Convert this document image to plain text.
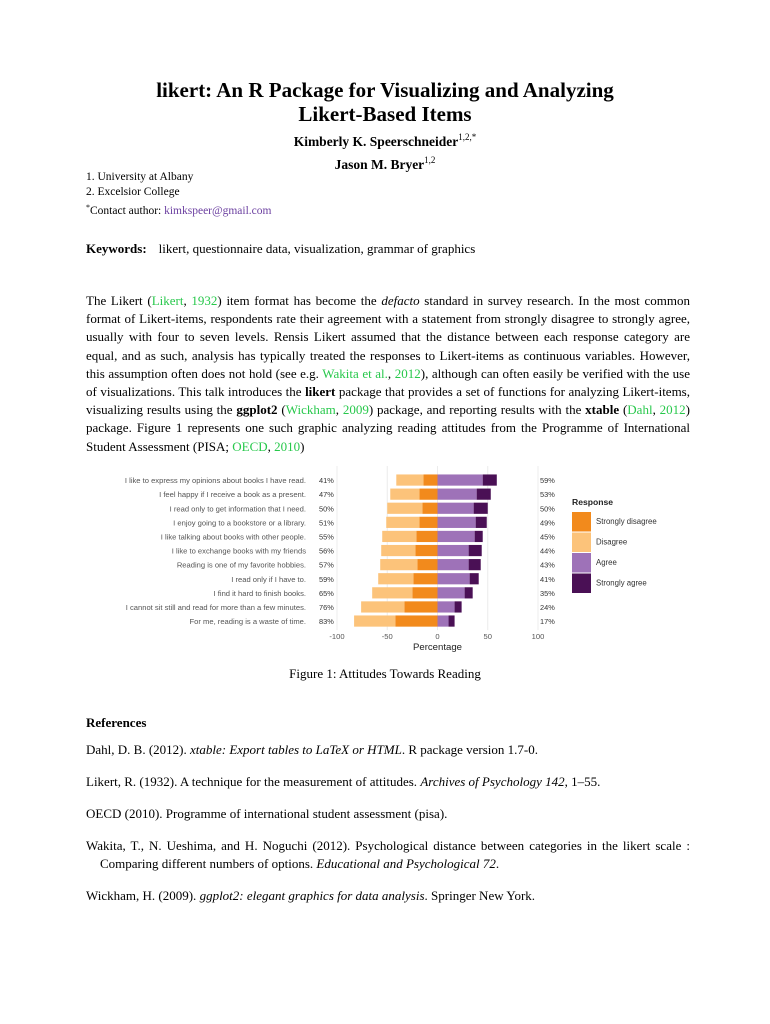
likert: An R Package for Visualizing and Analyzing
Likert-Based Items
Kimberly K. Speerschneider$^{1,2,*}$
Jason M. Bryer$^{1,2}$
1. University at Albany
2. Excelsior College
*Contact author: kimkspeer@gmail.com
Keywords: likert, questionnaire data, visualization, grammar of graphics
The Likert (Likert, 1932) item format has become the defacto standard in survey research. In the most common format of Likert-items, respondents rate their agreement with a statement from strongly disagree to strongly agree, usually with four to seven levels. Rensis Likert assumed that the distance between each response category are equal, and as such, analysis has typically treated the responses to Likert-items as continuous variables. However, this assumption often does not hold (see e.g. Wakita et al., 2012), although can often easily be verified with the use of visualizations. This talk introduces the likert package that provides a set of functions for analyzing Likert-items, visualizing results using the ggplot2 (Wickham, 2009) package, and reporting results with the xtable (Dahl, 2012) package. Figure 1 represents one such graphic analyzing reading attitudes from the Programme of International Student Assessment (PISA; OECD, 2010)
I like to express my opinions about books I have read. 41%	59%
I feel happy if I receive a book as a present. 47%	53%
I read only to get information that I need. 50%	50%
I enjoy going to a bookstore or a library. 51%	49%
I like talking about books with other people. 55%	45%
I like to exchange books with my friends 56%	44%
Reading is one of my favorite hobbies. 57%	43%
I read only if I have to. 59%	41%
I find it hard to finish books. 65%	35%
I cannot sit still and read for more than a few minutes. 76%	24%
For me, reading is a waste of time. 83%	17%
-100	-50	0	50	100
Percentage
Response
Strongly disagree
Disagree
Agree
Strongly agree
Figure 1: Attitudes Towards Reading
References
Dahl, D. B. (2012). xtable: Export tables to LaTeX or HTML. R package version 1.7-0.
Likert, R. (1932). A technique for the measurement of attitudes. Archives of Psychology 142, 1–55.
OECD (2010). Programme of international student assessment (pisa).
Wakita, T., N. Ueshima, and H. Noguchi (2012). Psychological distance between categories in the likert scale : Comparing different numbers of options. Educational and Psychological 72.
Wickham, H. (2009). ggplot2: elegant graphics for data analysis. Springer New York.
